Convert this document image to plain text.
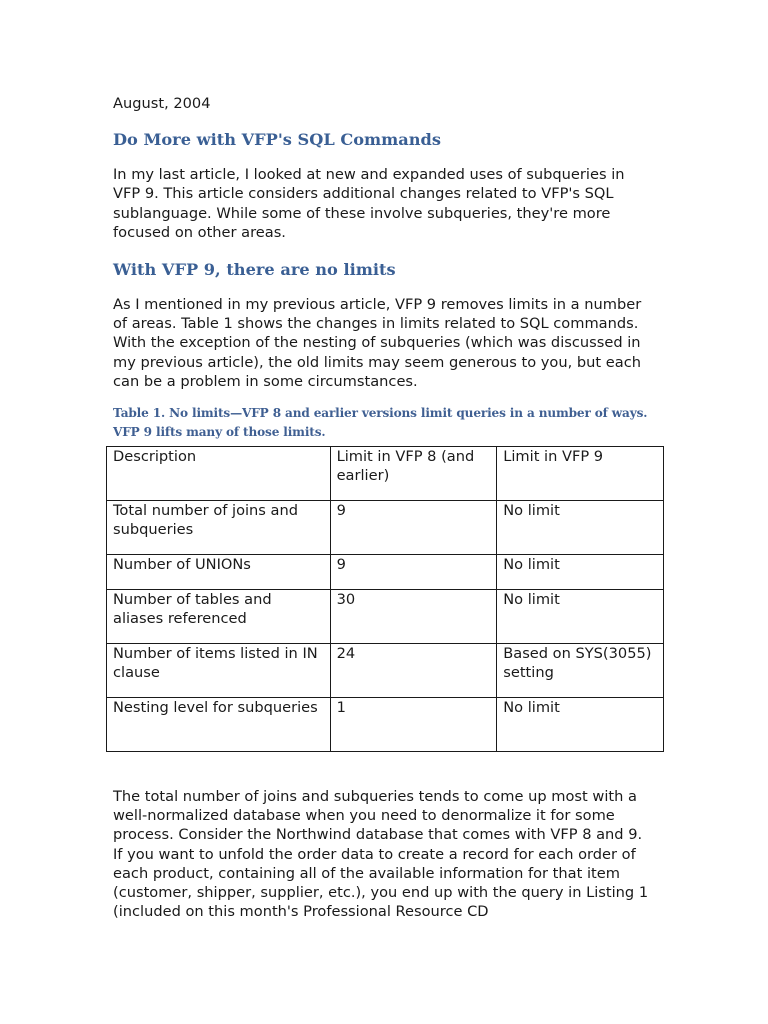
August, 2004

Do More with VFP's SQL Commands

In my last article, I looked at new and expanded uses of subqueries in VFP 9. This article considers additional changes related to VFP's SQL sublanguage. While some of these involve subqueries, they're more focused on other areas.

With VFP 9, there are no limits

As I mentioned in my previous article, VFP 9 removes limits in a number of areas. Table 1 shows the changes in limits related to SQL commands. With the exception of the nesting of subqueries (which was discussed in my previous article), the old limits may seem generous to you, but each can be a problem in some circumstances.

Table 1. No limits—VFP 8 and earlier versions limit queries in a number of ways. VFP 9 lifts many of those limits.

Description	Limit in VFP 8 (and earlier)	Limit in VFP 9
Total number of joins and subqueries	9	No limit
Number of UNIONs	9	No limit
Number of tables and aliases referenced	30	No limit
Number of items listed in IN clause	24	Based on SYS(3055) setting
Nesting level for subqueries	1	No limit

The total number of joins and subqueries tends to come up most with a well-normalized database when you need to denormalize it for some process. Consider the Northwind database that comes with VFP 8 and 9. If you want to unfold the order data to create a record for each order of each product, containing all of the available information for that item (customer, shipper, supplier, etc.), you end up with the query in Listing 1 (included on this month's Professional Resource CD
